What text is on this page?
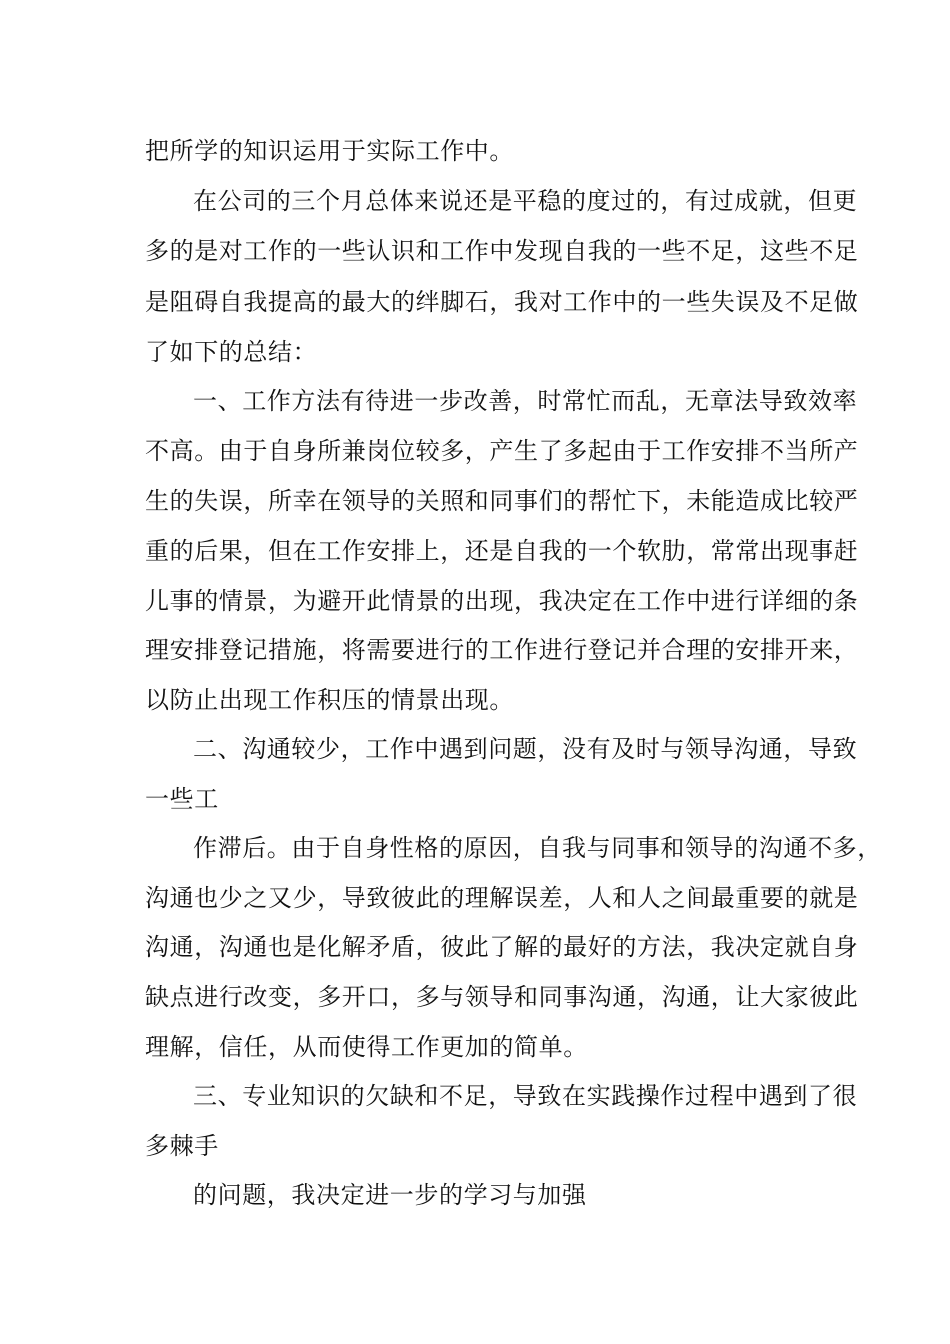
把所学的知识运用于实际工作中。
在公司的三个月总体来说还是平稳的度过的，有过成就，但更
多的是对工作的一些认识和工作中发现自我的一些不足，这些不足
是阻碍自我提高的最大的绊脚石，我对工作中的一些失误及不足做
了如下的总结：
一、工作方法有待进一步改善，时常忙而乱，无章法导致效率
不高。由于自身所兼岗位较多，产生了多起由于工作安排不当所产
生的失误，所幸在领导的关照和同事们的帮忙下，未能造成比较严
重的后果，但在工作安排上，还是自我的一个软肋，常常出现事赶
儿事的情景，为避开此情景的出现，我决定在工作中进行详细的条
理安排登记措施，将需要进行的工作进行登记并合理的安排开来，
以防止出现工作积压的情景出现。
二、沟通较少，工作中遇到问题，没有及时与领导沟通，导致
一些工
作滞后。由于自身性格的原因，自我与同事和领导的沟通不多，
沟通也少之又少，导致彼此的理解误差，人和人之间最重要的就是
沟通，沟通也是化解矛盾，彼此了解的最好的方法，我决定就自身
缺点进行改变，多开口，多与领导和同事沟通，沟通，让大家彼此
理解，信任，从而使得工作更加的简单。
三、专业知识的欠缺和不足，导致在实践操作过程中遇到了很
多棘手
的问题，我决定进一步的学习与加强
